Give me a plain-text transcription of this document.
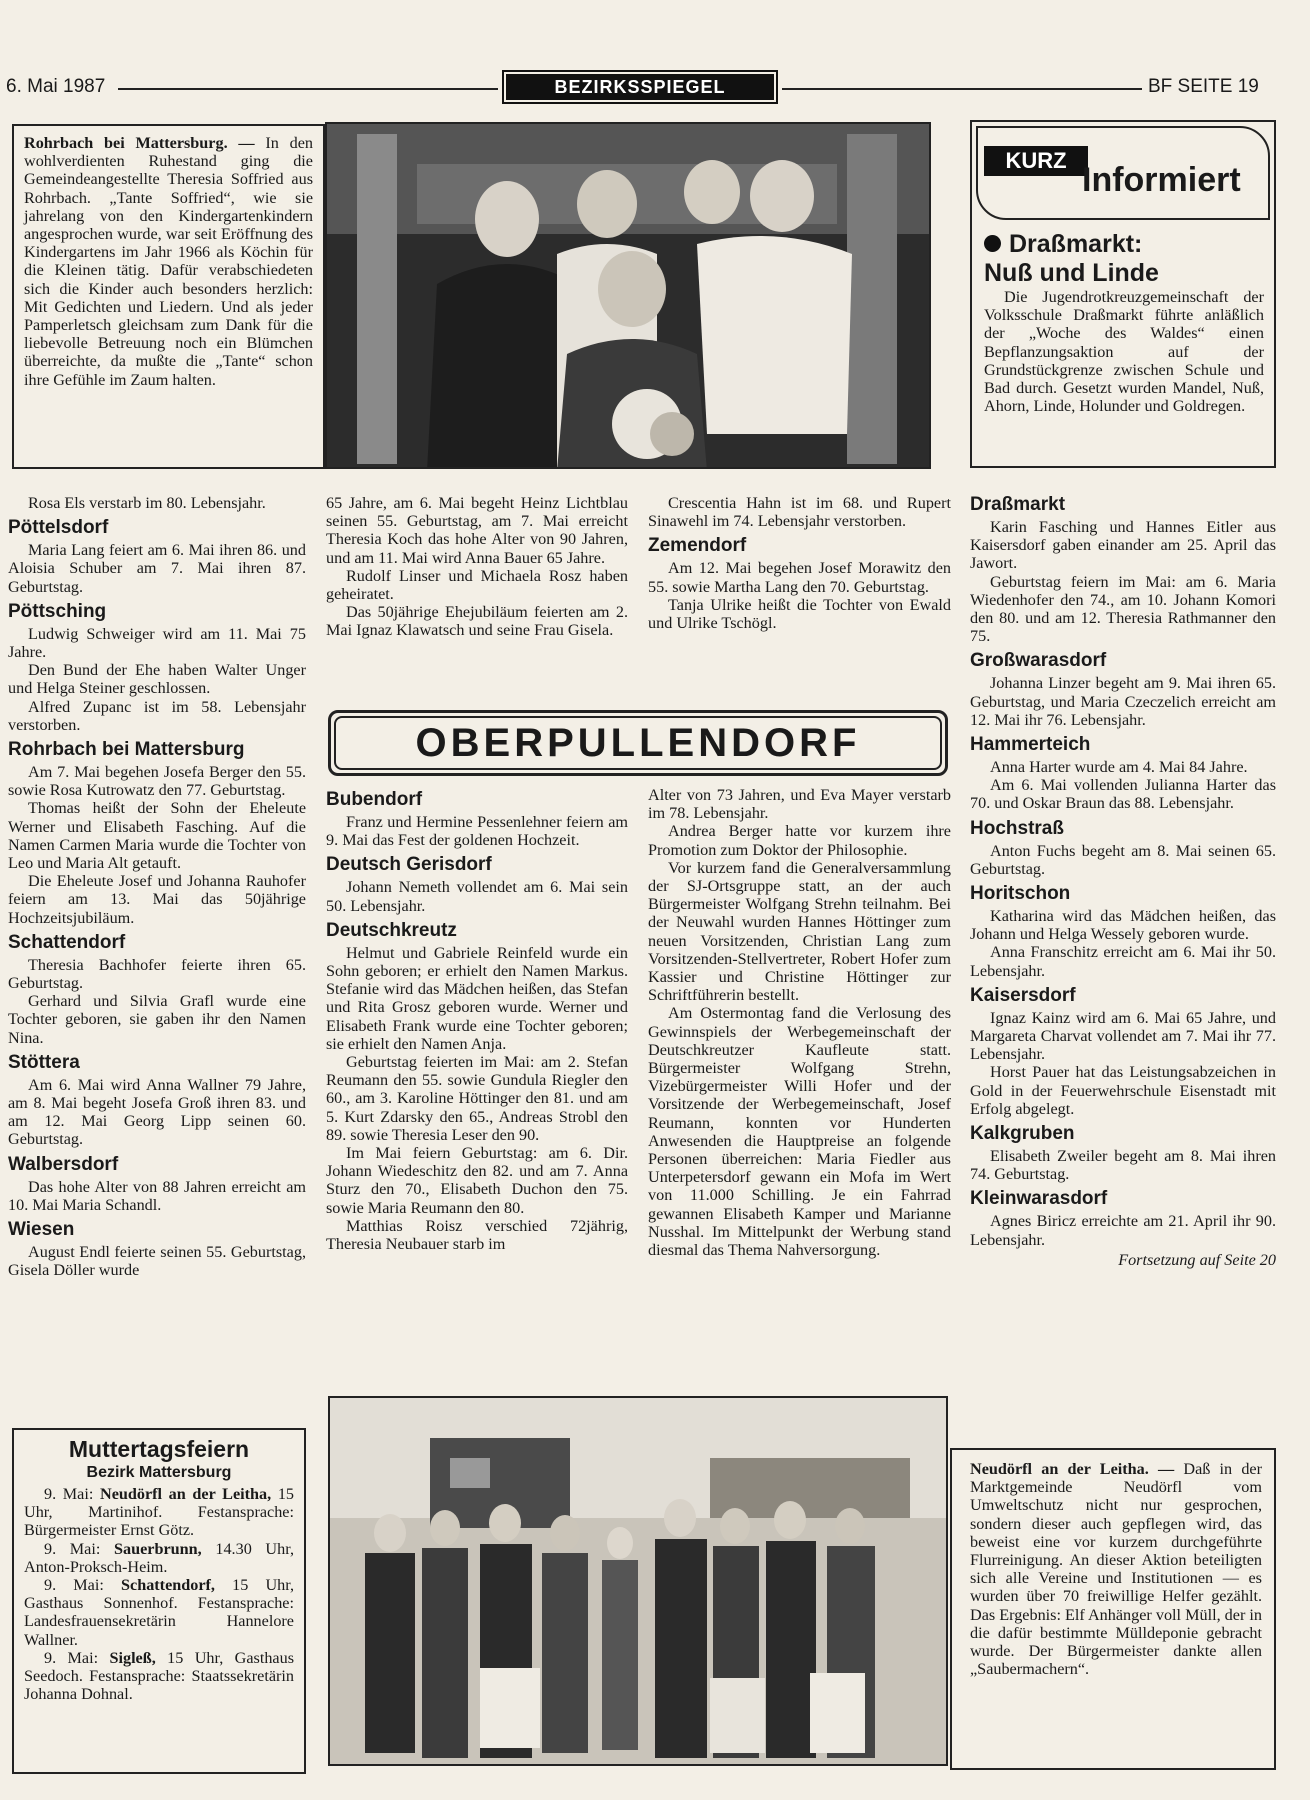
6. Mai 1987	BEZIRKSSPIEGEL	BF SEITE 19

Rohrbach bei Mattersburg. — In den wohlverdienten Ruhestand ging die Gemeindeangestellte Theresia Soffried aus Rohrbach. „Tante Soffried“, wie sie jahrelang von den Kindergartenkindern angesprochen wurde, war seit Eröffnung des Kindergartens im Jahr 1966 als Köchin für die Kleinen tätig. Dafür verabschiedeten sich die Kinder auch besonders herzlich: Mit Gedichten und Liedern. Und als jeder Pamperletsch gleichsam zum Dank für die liebevolle Betreuung noch ein Blümchen überreichte, da mußte die „Tante“ schon ihre Gefühle im Zaum halten.

KURZ
Informiert
Draßmarkt:
Nuß und Linde

Die Jugendrotkreuzgemeinschaft der Volksschule Draßmarkt führte anläßlich der „Woche des Waldes“ einen Bepflanzungsaktion auf der Grundstückgrenze zwischen Schule und Bad durch. Gesetzt wurden Mandel, Nuß, Ahorn, Linde, Holunder und Goldregen.

Rosa Els verstarb im 80. Lebensjahr.

Pöttelsdorf

Maria Lang feiert am 6. Mai ihren 86. und Aloisia Schuber am 7. Mai ihren 87. Geburtstag.

Pöttsching

Ludwig Schweiger wird am 11. Mai 75 Jahre.

Den Bund der Ehe haben Walter Unger und Helga Steiner geschlossen.

Alfred Zupanc ist im 58. Lebensjahr verstorben.

Rohrbach bei Mattersburg

Am 7. Mai begehen Josefa Berger den 55. sowie Rosa Kutrowatz den 77. Geburtstag.

Thomas heißt der Sohn der Eheleute Werner und Elisabeth Fasching. Auf die Namen Carmen Maria wurde die Tochter von Leo und Maria Alt getauft.

Die Eheleute Josef und Johanna Rauhofer feiern am 13. Mai das 50jährige Hochzeitsjubiläum.

Schattendorf

Theresia Bachhofer feierte ihren 65. Geburtstag.

Gerhard und Silvia Grafl wurde eine Tochter geboren, sie gaben ihr den Namen Nina.

Stöttera

Am 6. Mai wird Anna Wallner 79 Jahre, am 8. Mai begeht Josefa Groß ihren 83. und am 12. Mai Georg Lipp seinen 60. Geburtstag.

Walbersdorf

Das hohe Alter von 88 Jahren erreicht am 10. Mai Maria Schandl.

Wiesen

August Endl feierte seinen 55. Geburtstag, Gisela Döller wurde

65 Jahre, am 6. Mai begeht Heinz Lichtblau seinen 55. Geburtstag, am 7. Mai erreicht Theresia Koch das hohe Alter von 90 Jahren, und am 11. Mai wird Anna Bauer 65 Jahre.

Rudolf Linser und Michaela Rosz haben geheiratet.

Das 50jährige Ehejubiläum feierten am 2. Mai Ignaz Klawatsch und seine Frau Gisela.

Crescentia Hahn ist im 68. und Rupert Sinawehl im 74. Lebensjahr verstorben.

Zemendorf

Am 12. Mai begehen Josef Morawitz den 55. sowie Martha Lang den 70. Geburtstag.

Tanja Ulrike heißt die Tochter von Ewald und Ulrike Tschögl.

OBERPULLENDORF
Bubendorf

Franz und Hermine Pessenlehner feiern am 9. Mai das Fest der goldenen Hochzeit.

Deutsch Gerisdorf

Johann Nemeth vollendet am 6. Mai sein 50. Lebensjahr.

Deutschkreutz

Helmut und Gabriele Reinfeld wurde ein Sohn geboren; er erhielt den Namen Markus. Stefanie wird das Mädchen heißen, das Stefan und Rita Grosz geboren wurde. Werner und Elisabeth Frank wurde eine Tochter geboren; sie erhielt den Namen Anja.

Geburtstag feierten im Mai: am 2. Stefan Reumann den 55. sowie Gundula Riegler den 60., am 3. Karoline Höttinger den 81. und am 5. Kurt Zdarsky den 65., Andreas Strobl den 89. sowie Theresia Leser den 90.

Im Mai feiern Geburtstag: am 6. Dir. Johann Wiedeschitz den 82. und am 7. Anna Sturz den 70., Elisabeth Duchon den 75. sowie Maria Reumann den 80.

Matthias Roisz verschied 72jährig, Theresia Neubauer starb im

Alter von 73 Jahren, und Eva Mayer verstarb im 78. Lebensjahr.

Andrea Berger hatte vor kurzem ihre Promotion zum Doktor der Philosophie.

Vor kurzem fand die Generalversammlung der SJ-Ortsgruppe statt, an der auch Bürgermeister Wolfgang Strehn teilnahm. Bei der Neuwahl wurden Hannes Höttinger zum neuen Vorsitzenden, Christian Lang zum Vorsitzenden-Stellvertreter, Robert Hofer zum Kassier und Christine Höttinger zur Schriftführerin bestellt.

Am Ostermontag fand die Verlosung des Gewinnspiels der Werbegemeinschaft der Deutschkreutzer Kaufleute statt. Bürgermeister Wolfgang Strehn, Vizebürgermeister Willi Hofer und der Vorsitzende der Werbegemeinschaft, Josef Reumann, konnten vor Hunderten Anwesenden die Hauptpreise an folgende Personen überreichen: Maria Fiedler aus Unterpetersdorf gewann ein Mofa im Wert von 11.000 Schilling. Je ein Fahrrad gewannen Elisabeth Kamper und Marianne Nusshal. Im Mittelpunkt der Werbung stand diesmal das Thema Nahversorgung.

Draßmarkt

Karin Fasching und Hannes Eitler aus Kaisersdorf gaben einander am 25. April das Jawort.

Geburtstag feiern im Mai: am 6. Maria Wiedenhofer den 74., am 10. Johann Komori den 80. und am 12. Theresia Rathmanner den 75.

Großwarasdorf

Johanna Linzer begeht am 9. Mai ihren 65. Geburtstag, und Maria Czeczelich erreicht am 12. Mai ihr 76. Lebensjahr.

Hammerteich

Anna Harter wurde am 4. Mai 84 Jahre.

Am 6. Mai vollenden Julianna Harter das 70. und Oskar Braun das 88. Lebensjahr.

Hochstraß

Anton Fuchs begeht am 8. Mai seinen 65. Geburtstag.

Horitschon

Katharina wird das Mädchen heißen, das Johann und Helga Wessely geboren wurde.

Anna Franschitz erreicht am 6. Mai ihr 50. Lebensjahr.

Kaisersdorf

Ignaz Kainz wird am 6. Mai 65 Jahre, und Margareta Charvat vollendet am 7. Mai ihr 77. Lebensjahr.

Horst Pauer hat das Leistungsabzeichen in Gold in der Feuerwehrschule Eisenstadt mit Erfolg abgelegt.

Kalkgruben

Elisabeth Zweiler begeht am 8. Mai ihren 74. Geburtstag.

Kleinwarasdorf

Agnes Biricz erreichte am 21. April ihr 90. Lebensjahr.

Fortsetzung auf Seite 20
Muttertagsfeiern
Bezirk Mattersburg

9. Mai: Neudörfl an der Leitha, 15 Uhr, Martinihof. Festansprache: Bürgermeister Ernst Götz.

9. Mai: Sauerbrunn, 14.30 Uhr, Anton-Proksch-Heim.

9. Mai: Schattendorf, 15 Uhr, Gasthaus Sonnenhof. Festansprache: Landesfrauensekretärin Hannelore Wallner.

9. Mai: Sigleß, 15 Uhr, Gasthaus Seedoch. Festansprache: Staatssekretärin Johanna Dohnal.

Neudörfl an der Leitha. — Daß in der Marktgemeinde Neudörfl vom Umweltschutz nicht nur gesprochen, sondern dieser auch gepflegen wird, das beweist eine vor kurzem durchgeführte Flurreinigung. An dieser Aktion beteiligten sich alle Vereine und Institutionen — es wurden über 70 freiwillige Helfer gezählt. Das Ergebnis: Elf Anhänger voll Müll, der in die dafür bestimmte Mülldeponie gebracht wurde. Der Bürgermeister dankte allen „Saubermachern“.
